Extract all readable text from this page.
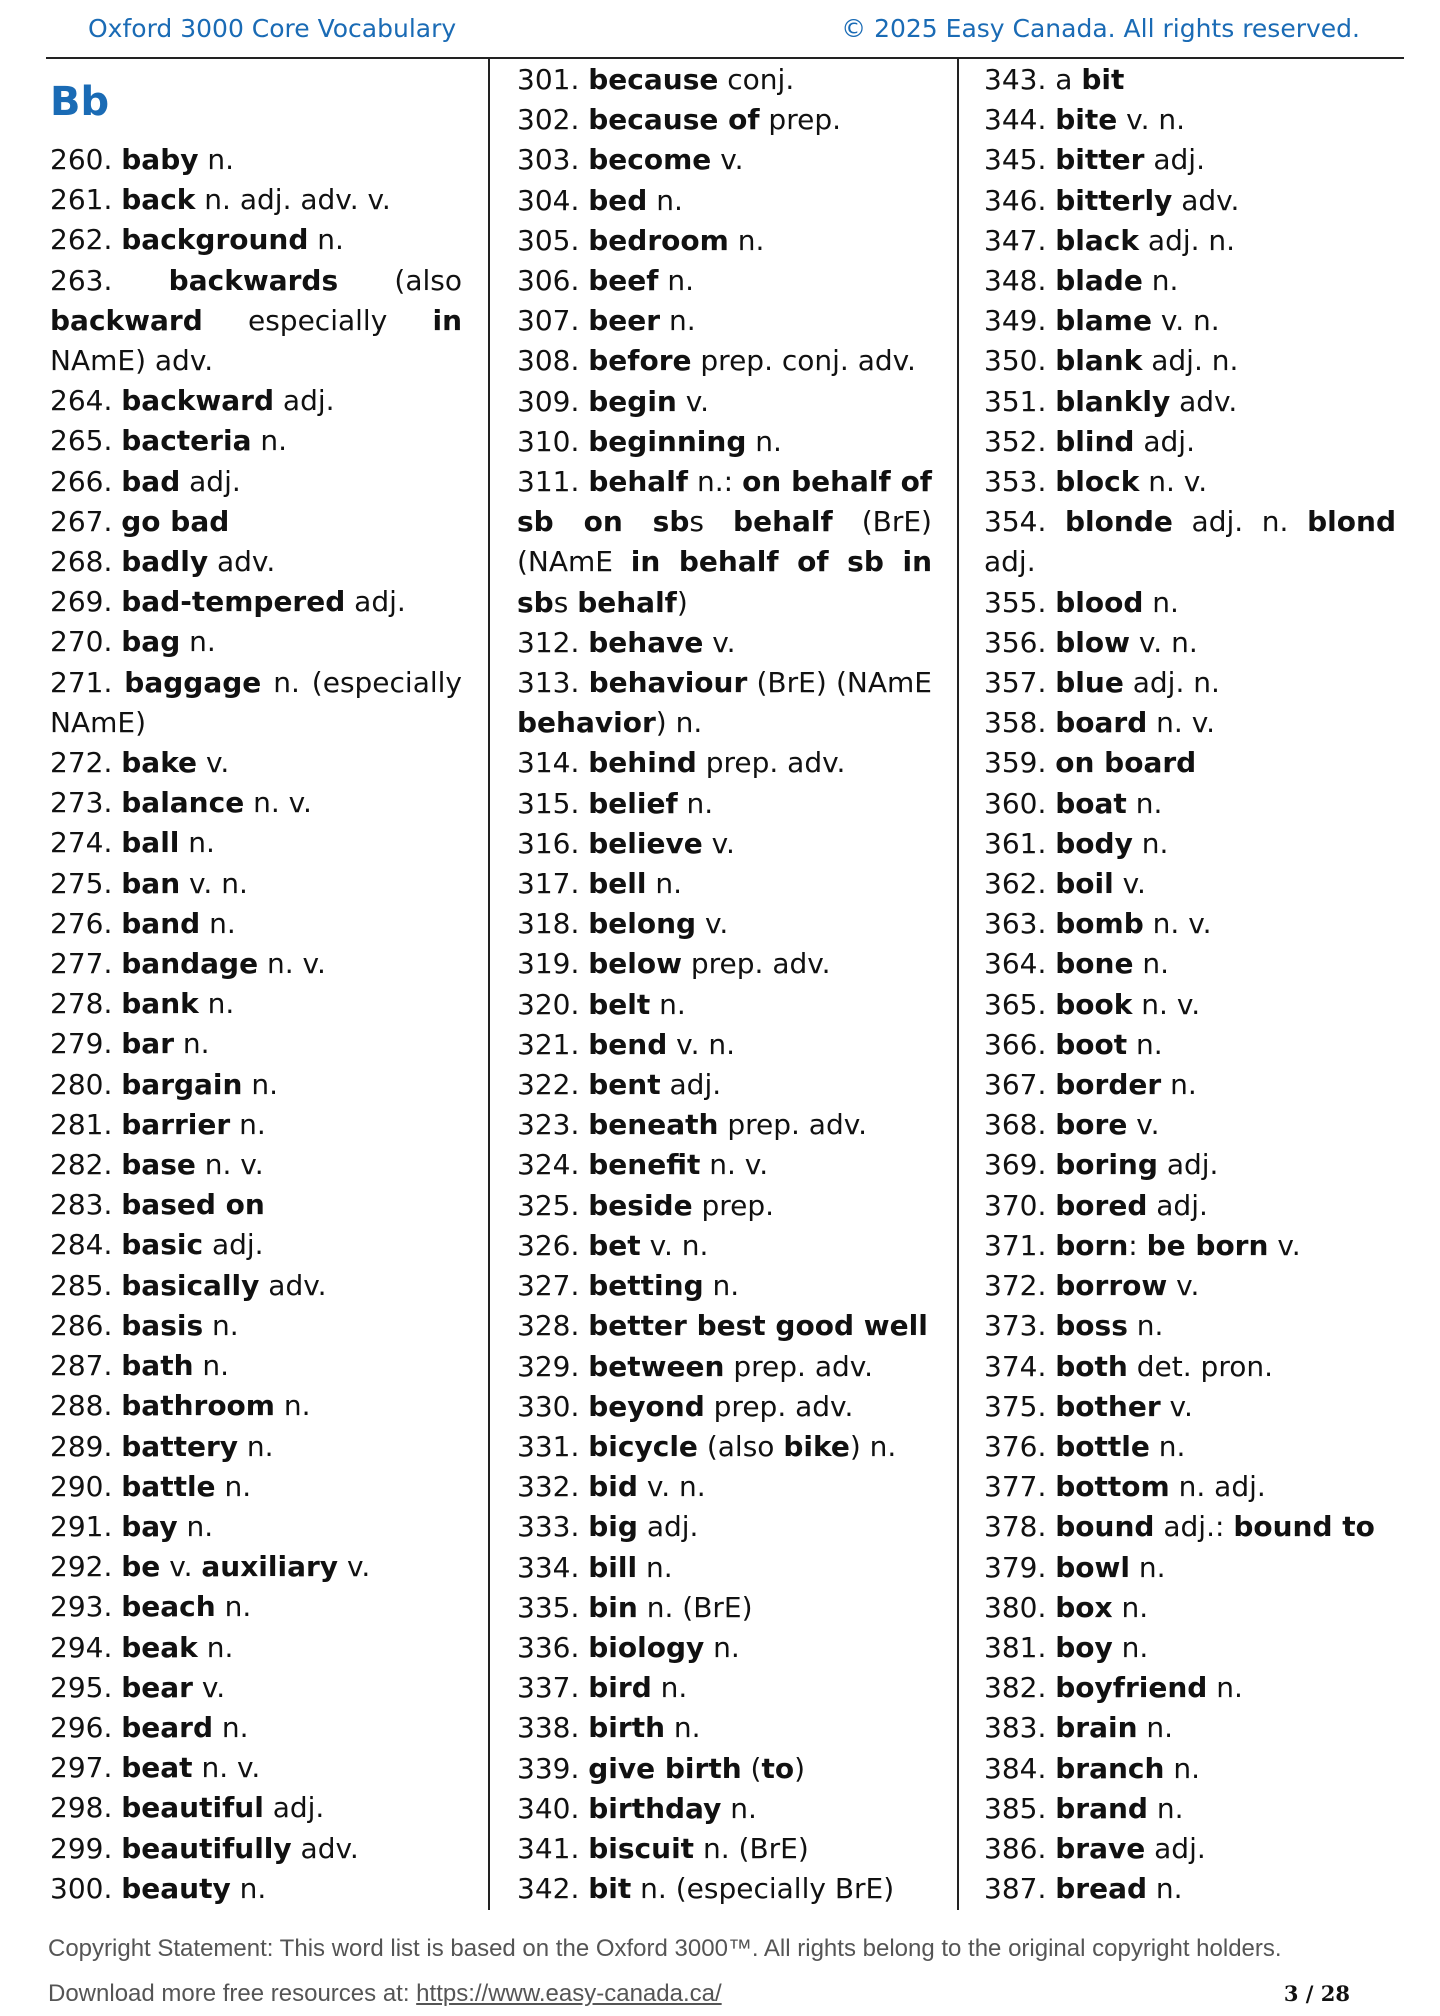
Oxford 3000 Core Vocabulary	© 2025 Easy Canada. All rights reserved.
Bb
260. baby n.
261. back n. adj. adv. v.
262. background n.
263. backwards (also backward especially in NAmE) adv.
264. backward adj.
265. bacteria n.
266. bad adj.
267. go bad
268. badly adv.
269. bad-tempered adj.
270. bag n.
271. baggage n. (especially NAmE)
272. bake v.
273. balance n. v.
274. ball n.
275. ban v. n.
276. band n.
277. bandage n. v.
278. bank n.
279. bar n.
280. bargain n.
281. barrier n.
282. base n. v.
283. based on
284. basic adj.
285. basically adv.
286. basis n.
287. bath n.
288. bathroom n.
289. battery n.
290. battle n.
291. bay n.
292. be v. auxiliary v.
293. beach n.
294. beak n.
295. bear v.
296. beard n.
297. beat n. v.
298. beautiful adj.
299. beautifully adv.
300. beauty n.
301. because conj.
302. because of prep.
303. become v.
304. bed n.
305. bedroom n.
306. beef n.
307. beer n.
308. before prep. conj. adv.
309. begin v.
310. beginning n.
311. behalf n.: on behalf of sb on sbs behalf (BrE) (NAmE in behalf of sb in sbs behalf)
312. behave v.
313. behaviour (BrE) (NAmE behavior) n.
314. behind prep. adv.
315. belief n.
316. believe v.
317. bell n.
318. belong v.
319. below prep. adv.
320. belt n.
321. bend v. n.
322. bent adj.
323. beneath prep. adv.
324. benefit n. v.
325. beside prep.
326. bet v. n.
327. betting n.
328. better best good well
329. between prep. adv.
330. beyond prep. adv.
331. bicycle (also bike) n.
332. bid v. n.
333. big adj.
334. bill n.
335. bin n. (BrE)
336. biology n.
337. bird n.
338. birth n.
339. give birth (to)
340. birthday n.
341. biscuit n. (BrE)
342. bit n. (especially BrE)
343. a bit
344. bite v. n.
345. bitter adj.
346. bitterly adv.
347. black adj. n.
348. blade n.
349. blame v. n.
350. blank adj. n.
351. blankly adv.
352. blind adj.
353. block n. v.
354. blonde adj. n. blond adj.
355. blood n.
356. blow v. n.
357. blue adj. n.
358. board n. v.
359. on board
360. boat n.
361. body n.
362. boil v.
363. bomb n. v.
364. bone n.
365. book n. v.
366. boot n.
367. border n.
368. bore v.
369. boring adj.
370. bored adj.
371. born: be born v.
372. borrow v.
373. boss n.
374. both det. pron.
375. bother v.
376. bottle n.
377. bottom n. adj.
378. bound adj.: bound to
379. bowl n.
380. box n.
381. boy n.
382. boyfriend n.
383. brain n.
384. branch n.
385. brand n.
386. brave adj.
387. bread n.
Copyright Statement: This word list is based on the Oxford 3000™. All rights belong to the original copyright holders.
Download more free resources at: https://www.easy-canada.ca/	3 / 28
